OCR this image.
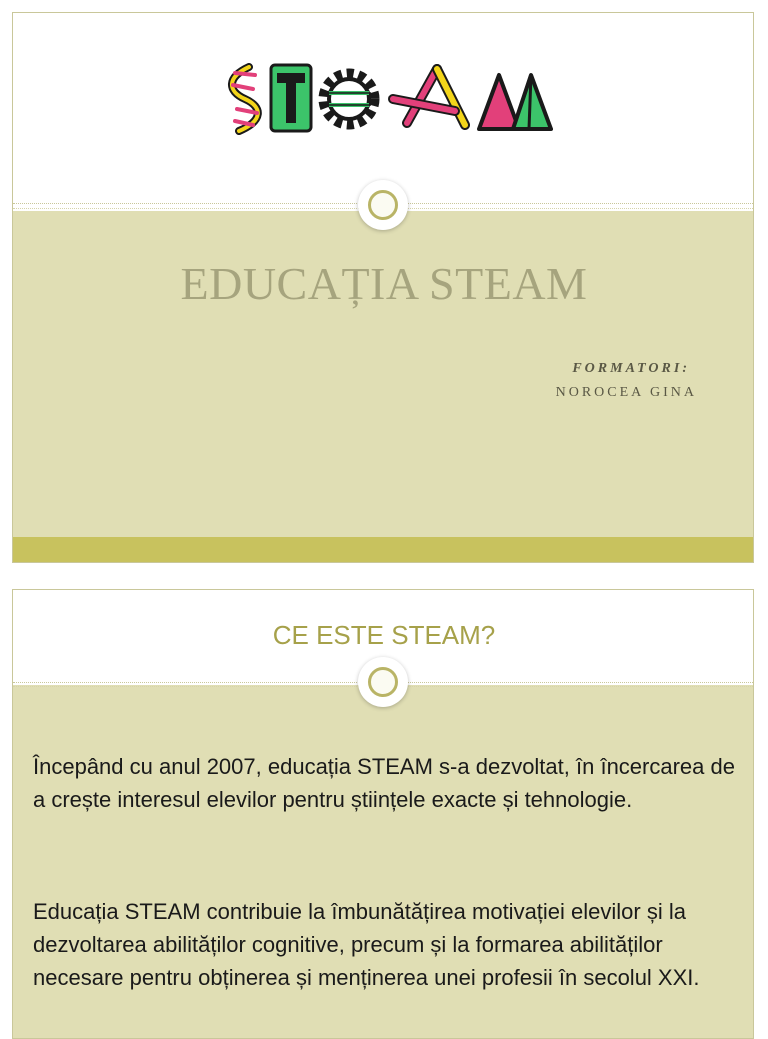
EDUCAȚIA STEAM
FORMATORI:
NOROCEA GINA
CE ESTE STEAM?

Începând cu anul 2007, educația STEAM s-a dezvoltat, în încercarea de a crește interesul elevilor pentru științele exacte și tehnologie.

Educația STEAM contribuie la îmbunătățirea motivației elevilor și la dezvoltarea abilităților cognitive, precum și la formarea abilităților necesare pentru obținerea și menținerea unei profesii în secolul XXI.
